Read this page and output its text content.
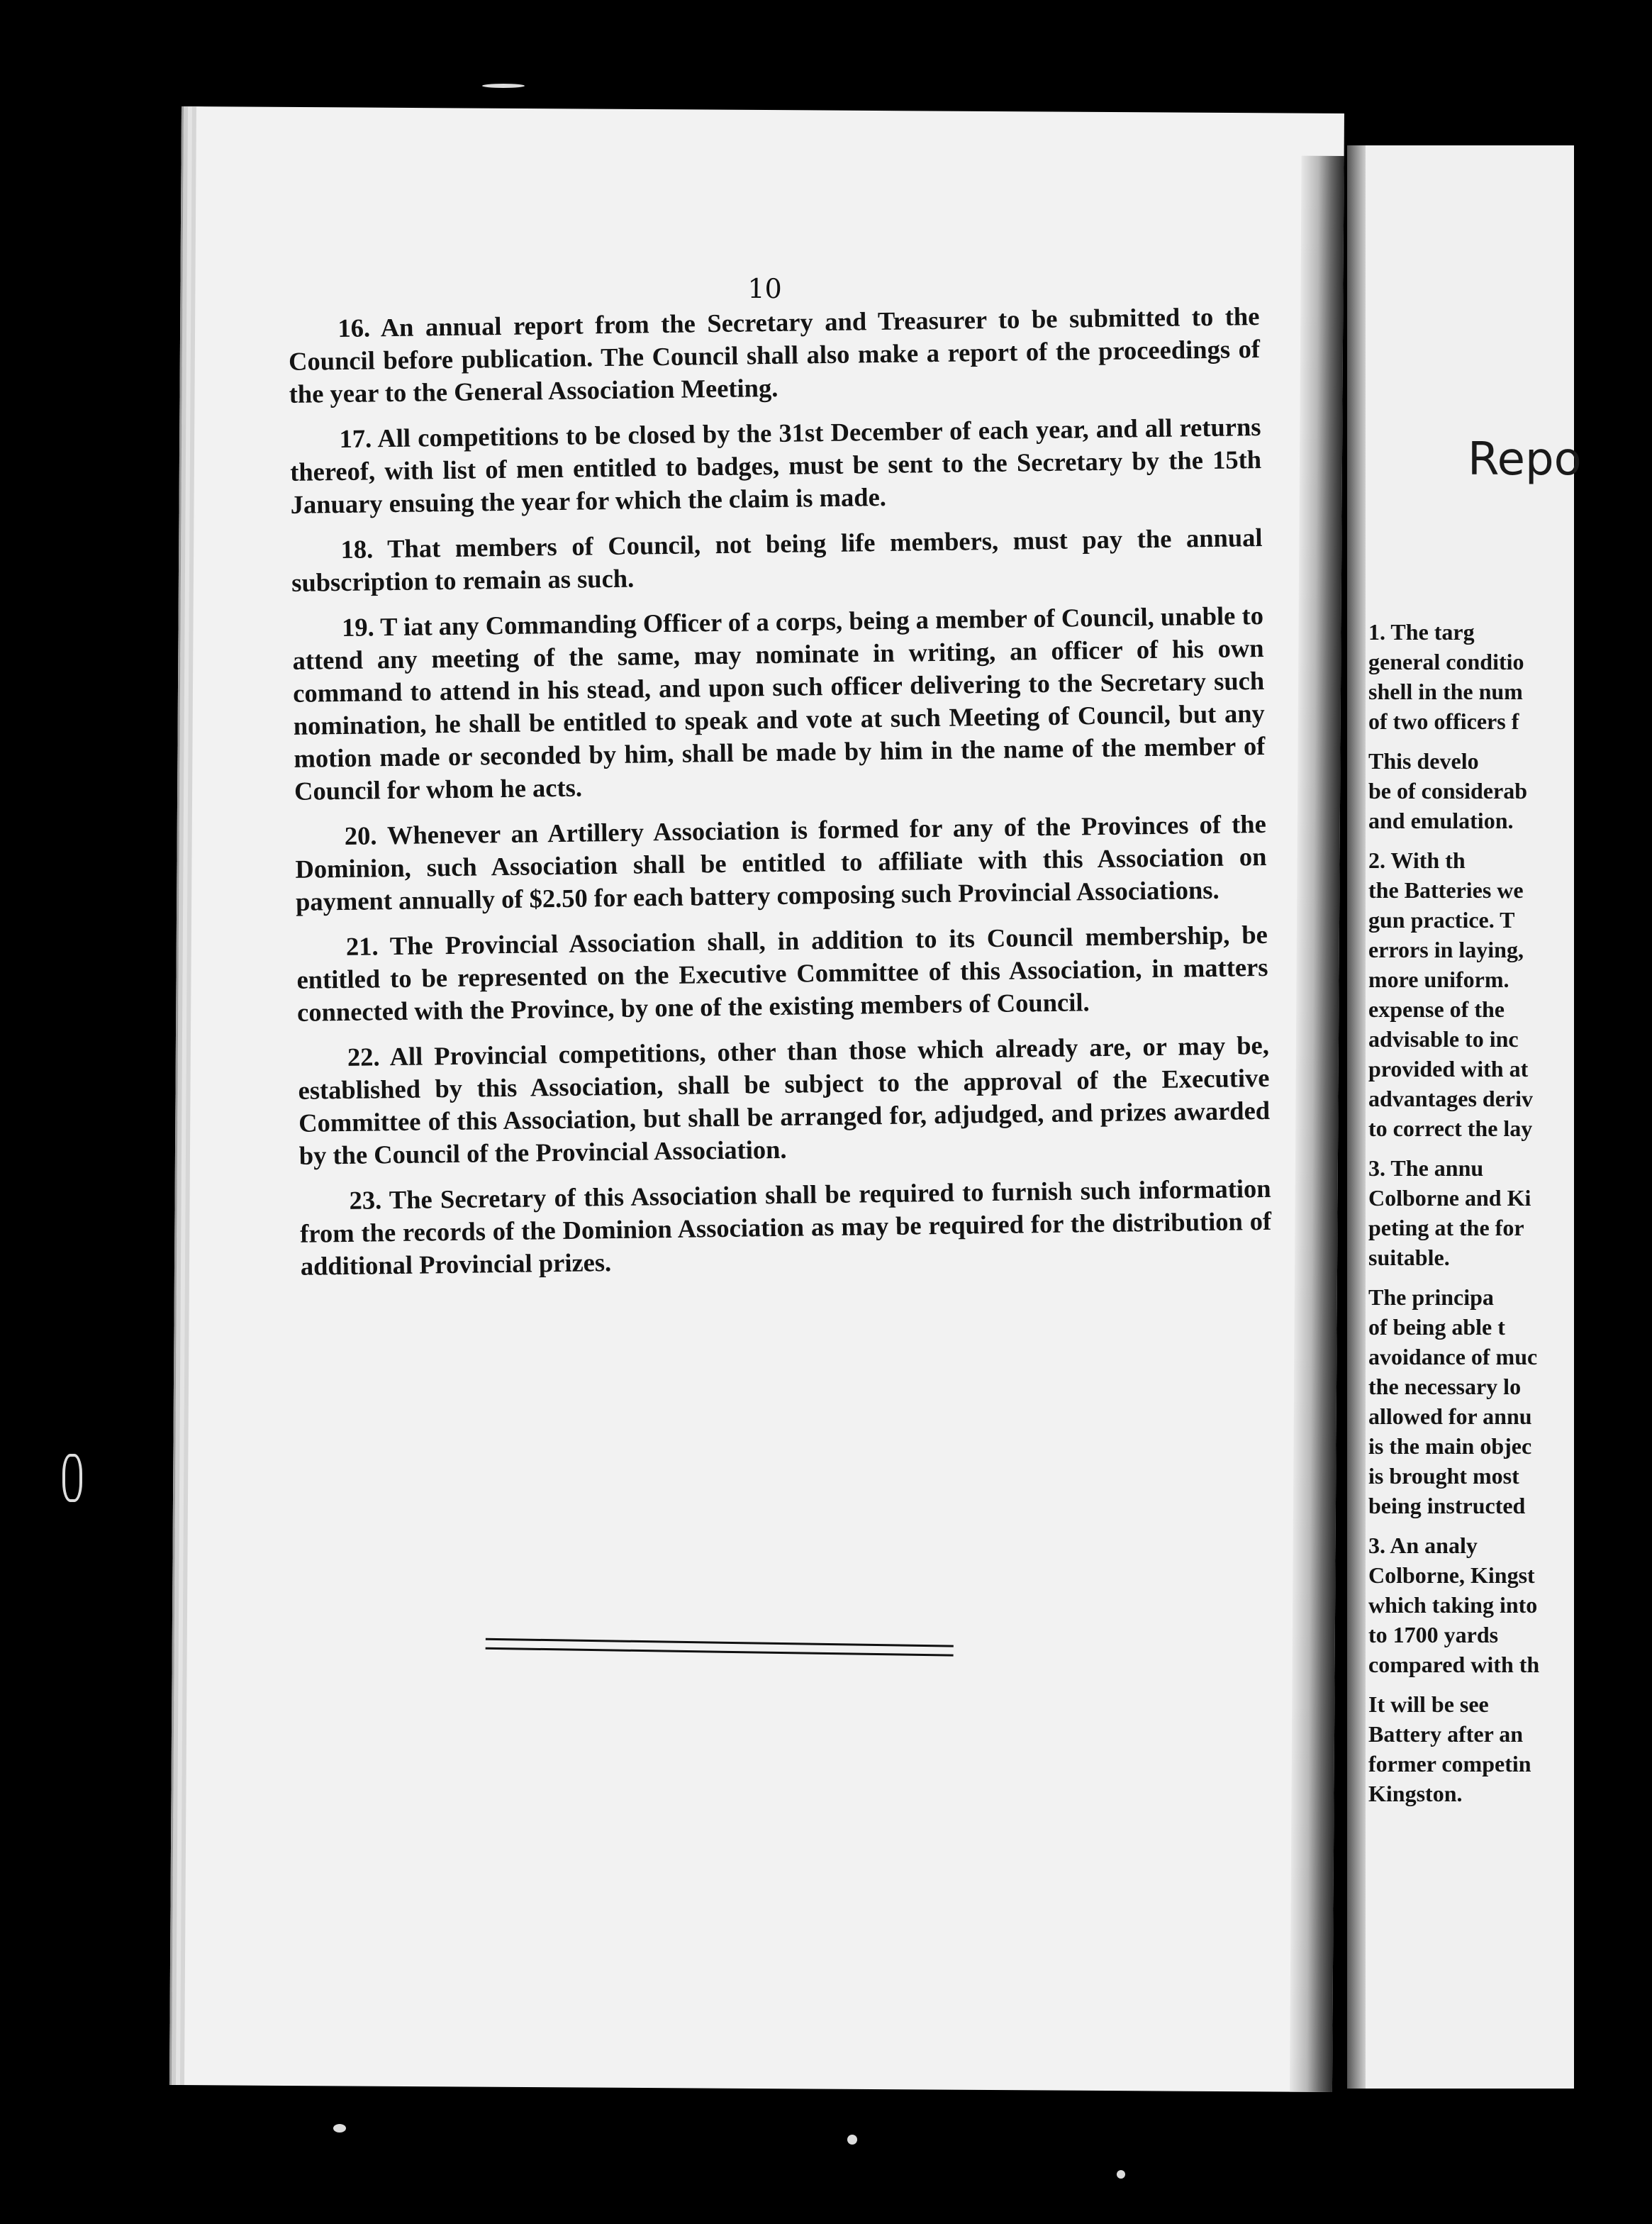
10

16. An annual report from the Secretary and Treasurer to be submitted to the Council before publication. The Council shall also make a report of the proceedings of the year to the General Association Meeting.

17. All competitions to be closed by the 31st December of each year, and all returns thereof, with list of men entitled to badges, must be sent to the Secretary by the 15th January ensuing the year for which the claim is made.

18. That members of Council, not being life members, must pay the annual subscription to remain as such.

19. T iat any Commanding Officer of a corps, being a member of Council, unable to attend any meeting of the same, may nominate in writing, an officer of his own command to attend in his stead, and upon such officer delivering to the Secretary such nomination, he shall be entitled to speak and vote at such Meeting of Council, but any motion made or seconded by him, shall be made by him in the name of the member of Council for whom he acts.

20. Whenever an Artillery Association is formed for any of the Provinces of the Dominion, such Association shall be entitled to affiliate with this Association on payment annually of $2.50 for each battery composing such Provincial Associations.

21. The Provincial Association shall, in addition to its Council membership, be entitled to be represented on the Executive Committee of this Association, in matters connected with the Province, by one of the existing members of Council.

22. All Provincial competitions, other than those which already are, or may be, established by this Association, shall be subject to the approval of the Executive Committee of this Association, but shall be arranged for, adjudged, and prizes awarded by the Council of the Provincial Association.

23. The Secretary of this Association shall be required to furnish such information from the records of the Dominion Association as may be required for the distribution of additional Provincial prizes.

Repo
1. The targ
general conditio
shell in the num
of two officers f
This develo
be of considerab
and emulation.
2. With th
the Batteries we
gun practice. T
errors in laying,
more uniform.
expense of the
advisable to inc
provided with at
advantages deriv
to correct the lay
3. The annu
Colborne and Ki
peting at the for
suitable.
The principa
of being able t
avoidance of muc
the necessary lo
allowed for annu
is the main objec
is brought most
being instructed
3. An analy
Colborne, Kingst
which taking into
to 1700 yards
compared with th
It will be see
Battery after an
former competin
Kingston.
